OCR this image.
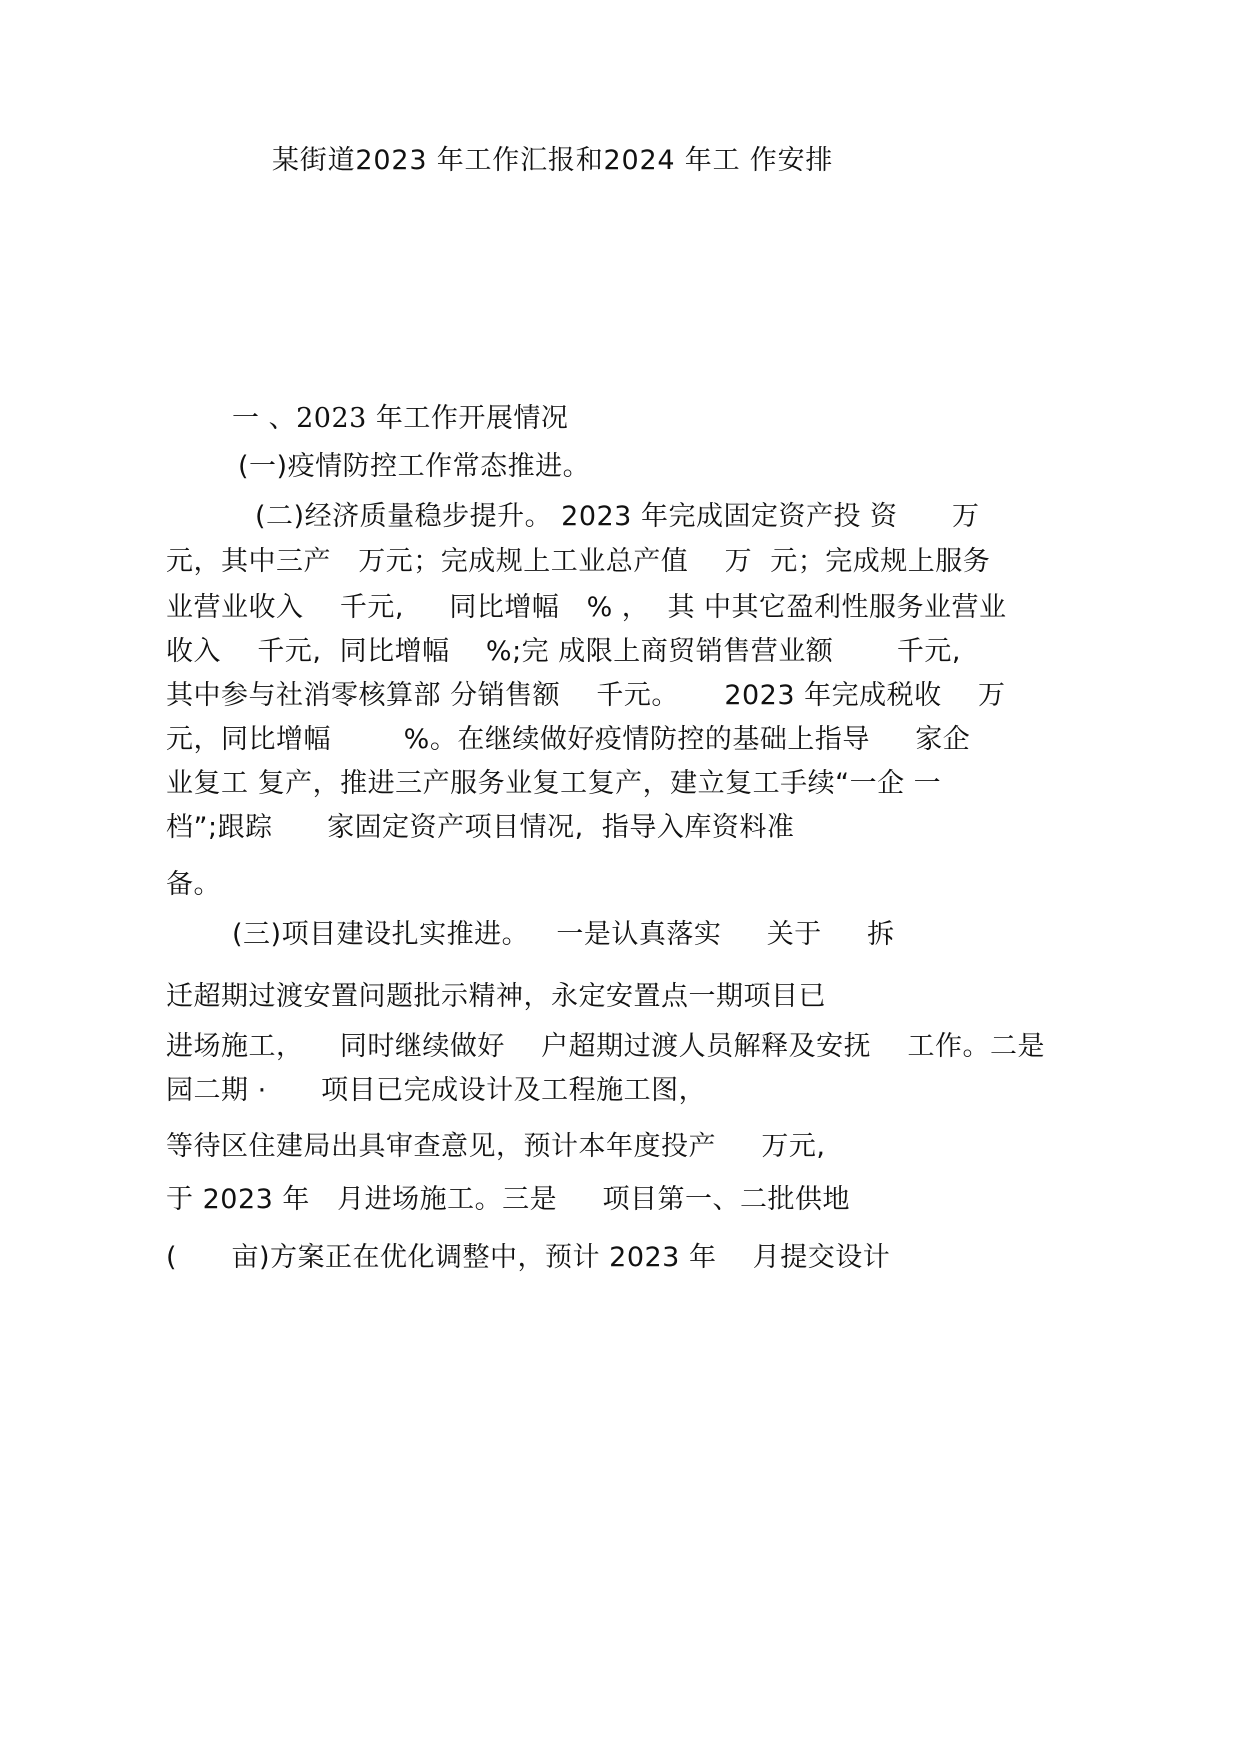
某街道2023 年工作汇报和2024 年工 作安排
一 、2023 年工作开展情况
(一)疫情防控工作常态推进。
(二)经济质量稳步提升。 2023 年完成固定资产投 资      万
元，其中三产   万元；完成规上工业总产值    万  元；完成规上服务
业营业收入    千元,     同比增幅   % ，  其 中其它盈利性服务业营业
收入    千元,  同比增幅    %;完 成限上商贸销售营业额       千元,
其中参与社消零核算部 分销售额    千元。     2023 年完成税收    万
元，同比增幅        %。在继续做好疫情防控的基础上指导     家企
业复工 复产，推进三产服务业复工复产，建立复工手续“一企 一
档”;跟踪      家固定资产项目情况,  指导入库资料准
备。
(三)项目建设扎实推进。   一是认真落实     关于     拆
迁超期过渡安置问题批示精神，永定安置点一期项目已
进场施工，    同时继续做好    户超期过渡人员解释及安抚    工作。二是
园二期 ·      项目已完成设计及工程施工图，
等待区住建局出具审查意见，预计本年度投产     万元,
于 2023 年   月进场施工。三是     项目第一、二批供地
(      亩)方案正在优化调整中，预计 2023 年    月提交设计
